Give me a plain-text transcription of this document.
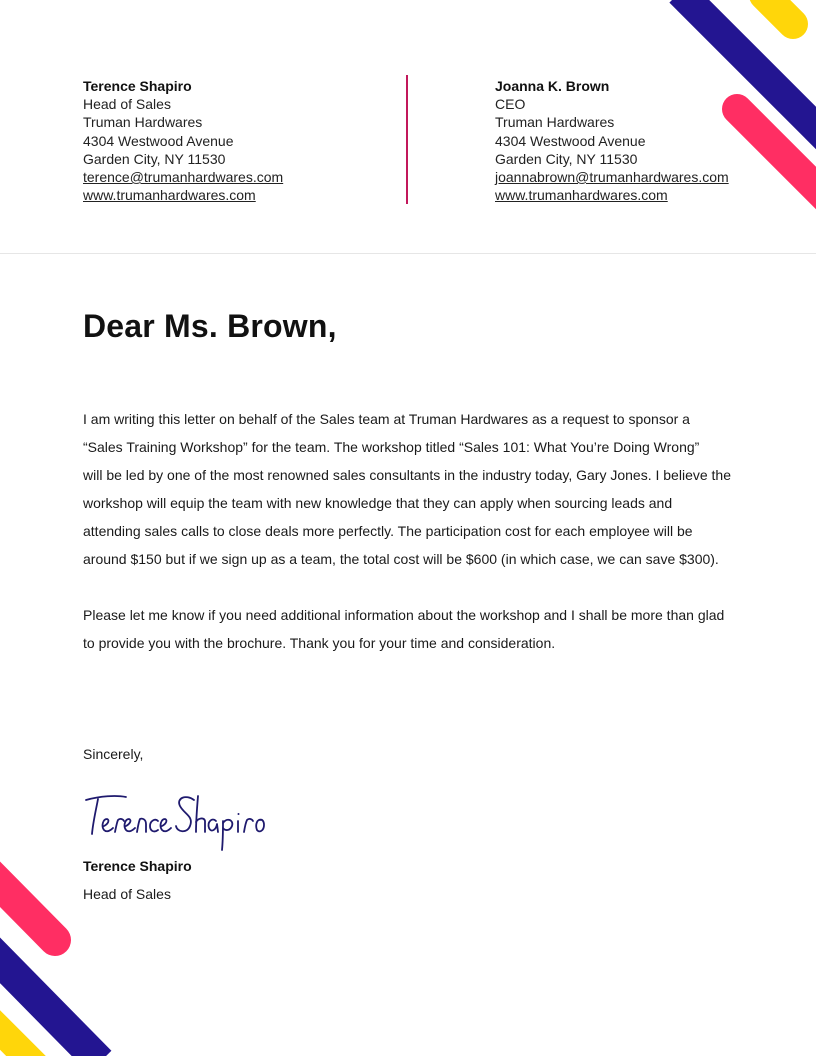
Terence Shapiro
Head of Sales
Truman Hardwares
4304 Westwood Avenue
Garden City, NY 11530
terence@trumanhardwares.com
www.trumanhardwares.com
Joanna K. Brown
CEO
Truman Hardwares
4304 Westwood Avenue
Garden City, NY 11530
joannabrown@trumanhardwares.com
www.trumanhardwares.com
Dear Ms. Brown,
I am writing this letter on behalf of the Sales team at Truman Hardwares as a request to sponsor a
“Sales Training Workshop” for the team. The workshop titled “Sales 101: What You’re Doing Wrong”
will be led by one of the most renowned sales consultants in the industry today, Gary Jones. I believe the
workshop will equip the team with new knowledge that they can apply when sourcing leads and
attending sales calls to close deals more perfectly. The participation cost for each employee will be
around $150 but if we sign up as a team, the total cost will be $600 (in which case, we can save $300).
Please let me know if you need additional information about the workshop and I shall be more than glad
to provide you with the brochure. Thank you for your time and consideration.
Sincerely,
Terence Shapiro
Head of Sales
